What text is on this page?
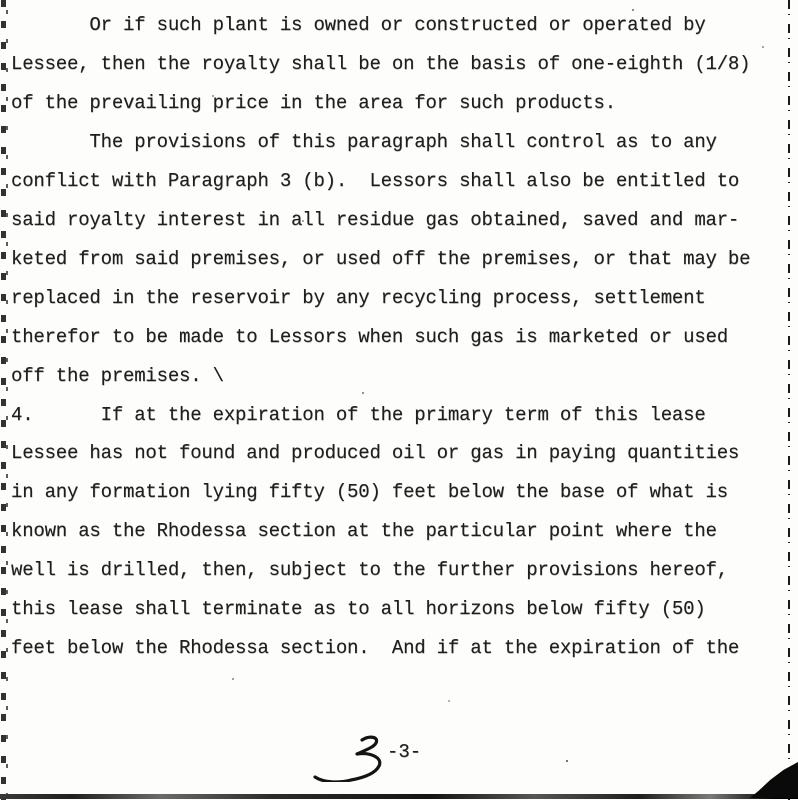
Or if such plant is owned or constructed or operated by
Lessee, then the royalty shall be on the basis of one-eighth (1/8)
of the prevailing price in the area for such products.
The provisions of this paragraph shall control as to any
conflict with Paragraph 3 (b).  Lessors shall also be entitled to
said royalty interest in all residue gas obtained, saved and mar-
keted from said premises, or used off the premises, or that may be
replaced in the reservoir by any recycling process, settlement
therefor to be made to Lessors when such gas is marketed or used
off the premises. \
4.      If at the expiration of the primary term of this lease
Lessee has not found and produced oil or gas in paying quantities
in any formation lying fifty (50) feet below the base of what is
known as the Rhodessa section at the particular point where the
well is drilled, then, subject to the further provisions hereof,
this lease shall terminate as to all horizons below fifty (50)
feet below the Rhodessa section.  And if at the expiration of the
-3-
